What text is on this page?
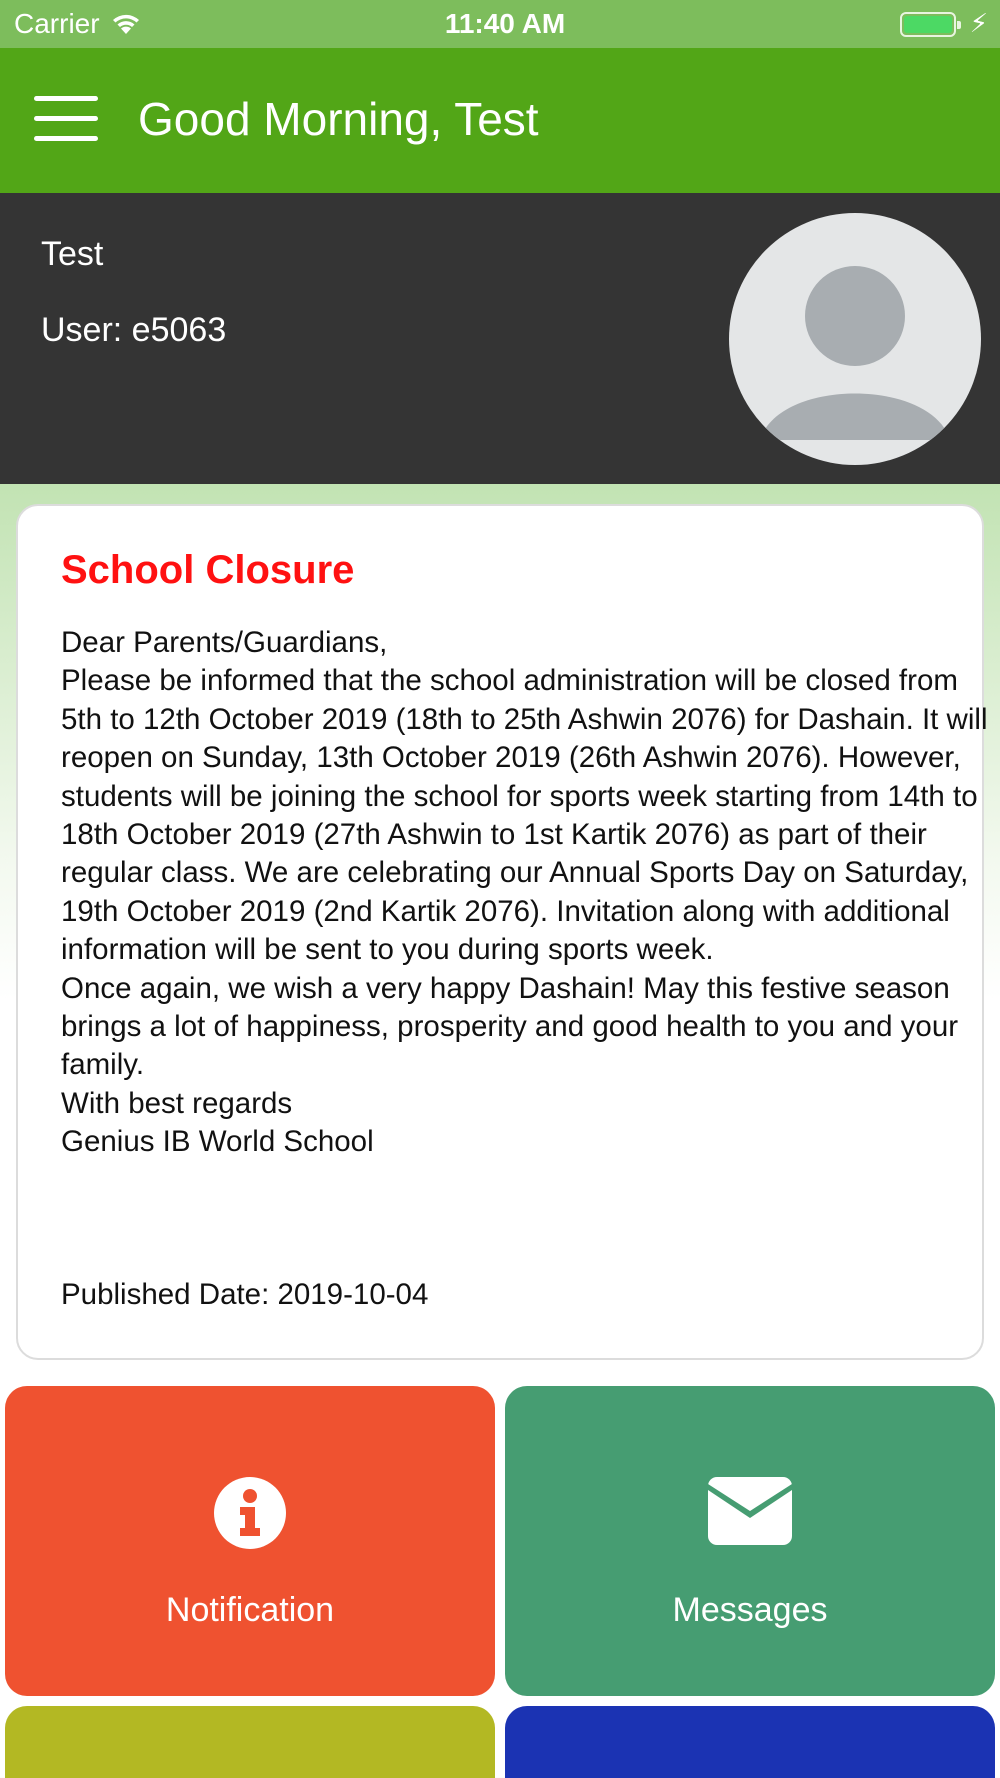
Carrier	11:40 AM	⚡
Good Morning, Test
Test
User: e5063
School Closure
Dear Parents/Guardians,
Please be informed that the school administration will be closed from 5th to 12th October 2019 (18th to 25th Ashwin 2076) for Dashain. It will reopen on Sunday, 13th October 2019 (26th Ashwin 2076). However, students will be joining the school for sports week starting from 14th to 18th October 2019 (27th Ashwin to 1st Kartik 2076) as part of their regular class. We are celebrating our Annual Sports Day on Saturday, 19th October 2019 (2nd Kartik 2076). Invitation along with additional information will be sent to you during sports week.
Once again, we wish a very happy Dashain! May this festive season brings a lot of happiness, prosperity and good health to you and your family.
With best regards
Genius IB World School
Published Date: 2019-10-04
Notification	Messages
